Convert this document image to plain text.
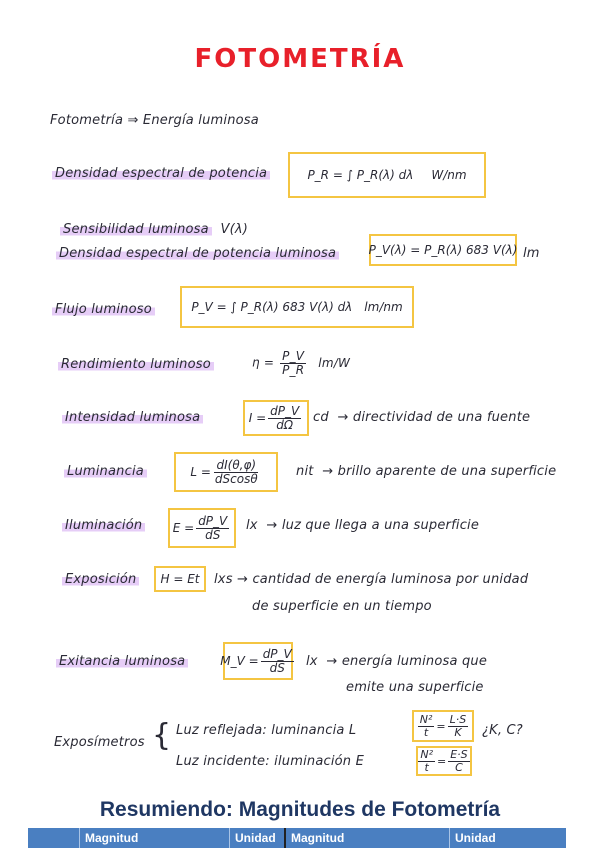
FOTOMETRÍA
Fotometría ⇒ Energía luminosa
Densidad espectral de potencia	P_R = ∫ P_R(λ) dλ W/nm
Sensibilidad luminosa V(λ)
Densidad espectral de potencia luminosa	P_V(λ) = P_R(λ) 683 V(λ) lm
Flujo luminoso	P_V = ∫ P_R(λ) 683 V(λ) dλ lm/nm
Rendimiento luminoso	$\eta = \frac{P\_V}{P\_R} lm/W$
Intensidad luminosa	$I = \frac{dP\_V}{d\Omega}$ cd → directividad de una fuente
Luminancia	$L = \frac{dI(\theta,\varphi)}{dScos\theta}$	nit → brillo aparente de una superficie
Iluminación	$E = \frac{dP\_V}{dS}$ lx → luz que llega a una superficie
Exposición H = Et lxs → cantidad de energía luminosa por unidad
de superficie en un tiempo
Exitancia luminosa	M_V = $\frac{dP\_V}{dS}$ lx → energía luminosa que
emite una superficie
Exposímetros { Luz reflejada: luminancia L	$\frac{\text{N²}}{t} = \frac{L\cdot S}{K}$ ¿K, C?
Luz incidente: iluminación E	$\frac{\text{N²}}{t} = \frac{E\cdot S}{C}$
Resumiendo: Magnitudes de Fotometría
Magnitud	Unidad	Magnitud	Unidad
